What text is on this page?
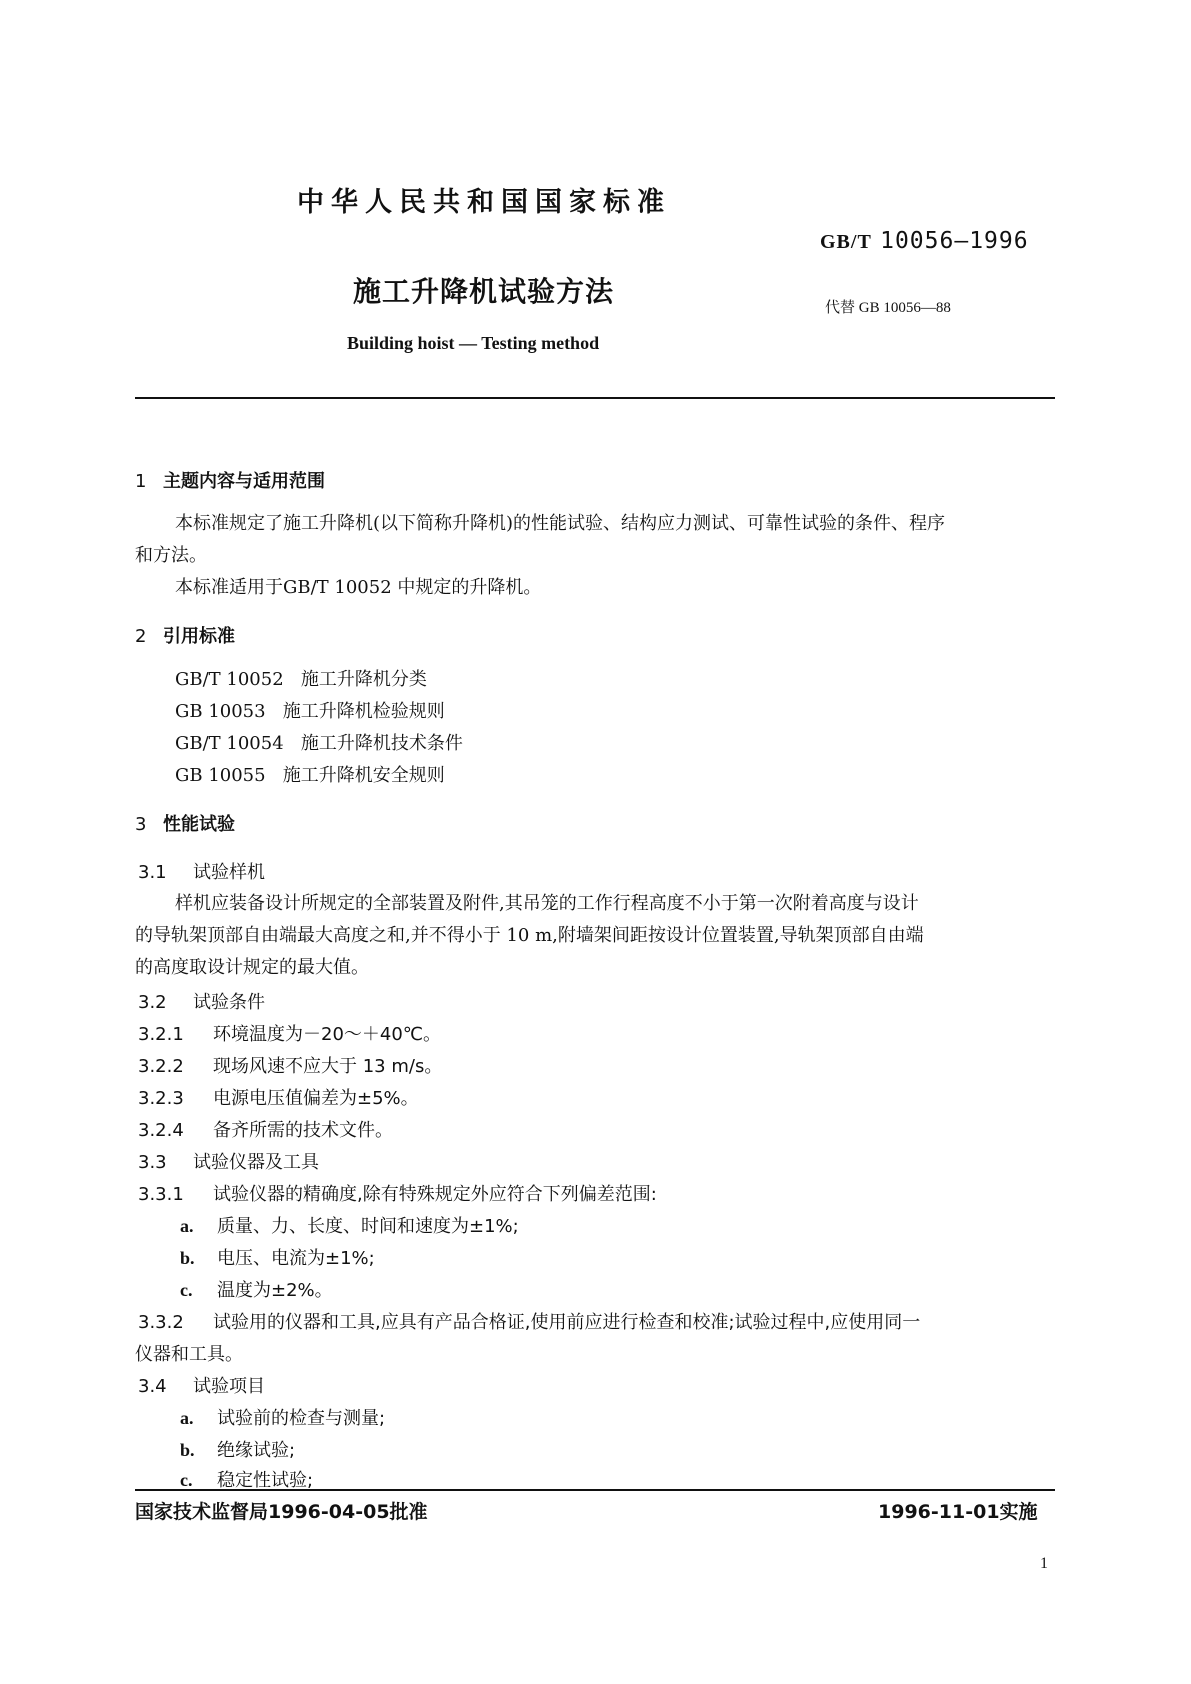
中华人民共和国国家标准
GB/T 10056—1996
施工升降机试验方法	代替 GB 10056—88
Building hoist — Testing method
1 主题内容与适用范围
本标准规定了施工升降机(以下简称升降机)的性能试验、结构应力测试、可靠性试验的条件、程序
和方法。
本标准适用于GB/T 10052 中规定的升降机。
2 引用标准
GB/T 10052 施工升降机分类
GB 10053 施工升降机检验规则
GB/T 10054 施工升降机技术条件
GB 10055 施工升降机安全规则
3 性能试验
3.1 试验样机
样机应装备设计所规定的全部装置及附件,其吊笼的工作行程高度不小于第一次附着高度与设计
的导轨架顶部自由端最大高度之和,并不得小于 10 m,附墙架间距按设计位置装置,导轨架顶部自由端
的高度取设计规定的最大值。
3.2 试验条件
3.2.1 环境温度为－20～＋40℃。
3.2.2 现场风速不应大于 13 m/s。
3.2.3 电源电压值偏差为±5%。
3.2.4 备齐所需的技术文件。
3.3 试验仪器及工具
3.3.1 试验仪器的精确度,除有特殊规定外应符合下列偏差范围:
a. 质量、力、长度、时间和速度为±1%;
b. 电压、电流为±1%;
c. 温度为±2%。
3.3.2 试验用的仪器和工具,应具有产品合格证,使用前应进行检查和校准;试验过程中,应使用同一
仪器和工具。
3.4 试验项目
a. 试验前的检查与测量;
b. 绝缘试验;
c. 稳定性试验;
国家技术监督局1996-04-05批准	1996-11-01实施
1
